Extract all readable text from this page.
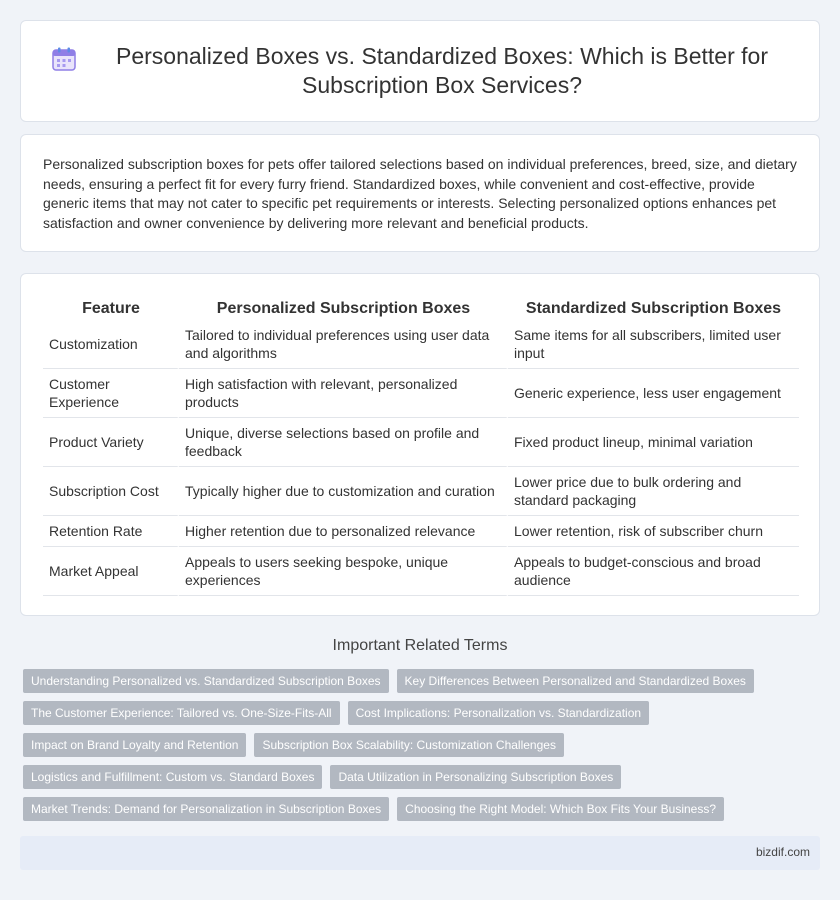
Personalized Boxes vs. Standardized Boxes: Which is Better for Subscription Box Services?

Personalized subscription boxes for pets offer tailored selections based on individual preferences, breed, size, and dietary needs, ensuring a perfect fit for every furry friend. Standardized boxes, while convenient and cost-effective, provide generic items that may not cater to specific pet requirements or interests. Selecting personalized options enhances pet satisfaction and owner convenience by delivering more relevant and beneficial products.

Feature	Personalized Subscription Boxes	Standardized Subscription Boxes
Customization	Tailored to individual preferences using user data and algorithms	Same items for all subscribers, limited user input
Customer Experience	High satisfaction with relevant, personalized products	Generic experience, less user engagement
Product Variety	Unique, diverse selections based on profile and feedback	Fixed product lineup, minimal variation
Subscription Cost	Typically higher due to customization and curation	Lower price due to bulk ordering and standard packaging
Retention Rate	Higher retention due to personalized relevance	Lower retention, risk of subscriber churn
Market Appeal	Appeals to users seeking bespoke, unique experiences	Appeals to budget-conscious and broad audience
Important Related Terms
Understanding Personalized vs. Standardized Subscription Boxes	Key Differences Between Personalized and Standardized Boxes
The Customer Experience: Tailored vs. One-Size-Fits-All	Cost Implications: Personalization vs. Standardization
Impact on Brand Loyalty and Retention	Subscription Box Scalability: Customization Challenges
Logistics and Fulfillment: Custom vs. Standard Boxes	Data Utilization in Personalizing Subscription Boxes
Market Trends: Demand for Personalization in Subscription Boxes	Choosing the Right Model: Which Box Fits Your Business?
bizdif.com
